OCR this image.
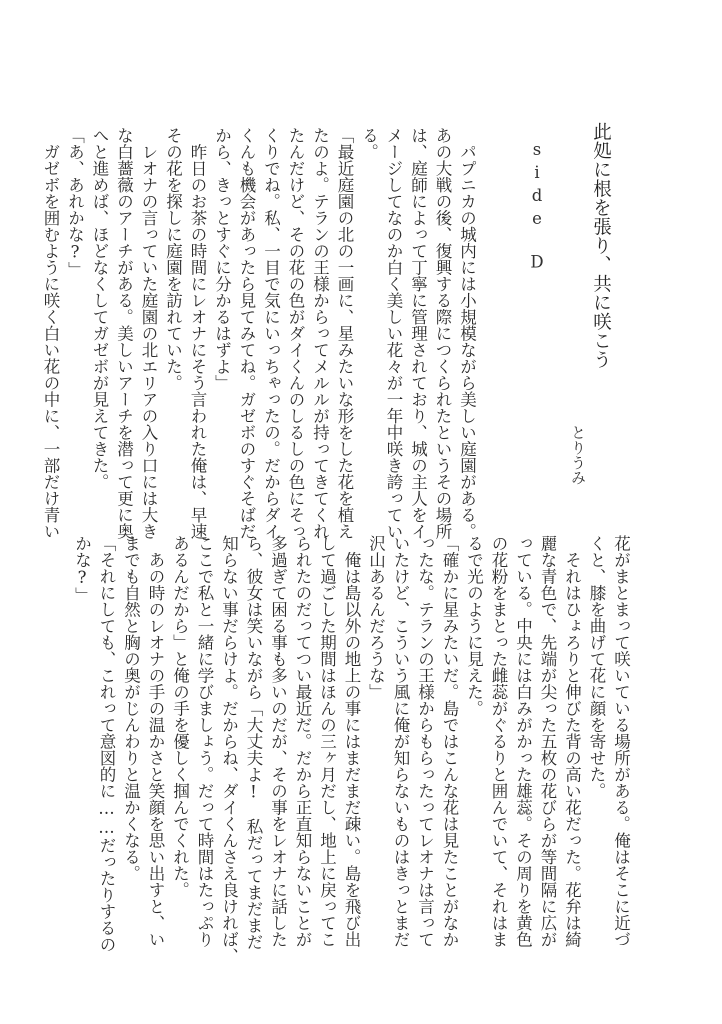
此処に根を張り、共に咲こう
とりうみ
side　D
　パプニカの城内には小規模ながら美しい庭園がある。
あの大戦の後、復興する際につくられたというその場所
は、庭師によって丁寧に管理されており、城の主人をイ
メージしてなのか白く美しい花々が一年中咲き誇ってい
る。
「最近庭園の北の一画に、星みたいな形をした花を植え
たのよ。テランの王様からってメルルが持ってきてくれ
たんだけど、その花の色がダイくんのしるしの色にそっ
くりでね。私、一目で気にいっちゃったの。だからダイ
くんも機会があったら見てみてね。ガゼボのすぐそばだ
から、きっとすぐに分かるはずよ」
　昨日のお茶の時間にレオナにそう言われた俺は、早速
その花を探しに庭園を訪れていた。
　レオナの言っていた庭園の北エリアの入り口には大き
な白薔薇のアーチがある。美しいアーチを潜って更に奥
へと進めば、ほどなくしてガゼボが見えてきた。
「あ、あれかな?」
　ガゼボを囲むように咲く白い花の中に、一部だけ青い
花がまとまって咲いている場所がある。俺はそこに近づ
くと、膝を曲げて花に顔を寄せた。
　それはひょろりと伸びた背の高い花だった。花弁は綺
麗な青色で、先端が尖った五枚の花びらが等間隔に広が
っている。中央には白みがかった雄蕊。その周りを黄色
の花粉をまとった雌蕊がぐるりと囲んでいて、それはま
るで光のように見えた。
「確かに星みたいだ。島ではこんな花は見たことがなか
ったな。テランの王様からもらったってレオナは言って
いたけど、こういう風に俺が知らないものはきっとまだ
沢山あるんだろうな」
　俺は島以外の地上の事にはまだまだ疎い。島を飛び出
して過ごした期間はほんの三ヶ月だし、地上に戻ってこ
られたのだってつい最近だ。だから正直知らないことが
多過ぎて困る事も多いのだが、その事をレオナに話した
ら、彼女は笑いながら「大丈夫よ!　私だってまだまだ
知らない事だらけよ。だからね、ダイくんさえ良ければ、
ここで私と一緒に学びましょう。だって時間はたっぷり
あるんだから」と俺の手を優しく掴んでくれた。
　あの時のレオナの手の温かさと笑顔を思い出すと、い
までも自然と胸の奥がじんわりと温かくなる。
「それにしても、これって意図的に……だったりするの
かな?」
